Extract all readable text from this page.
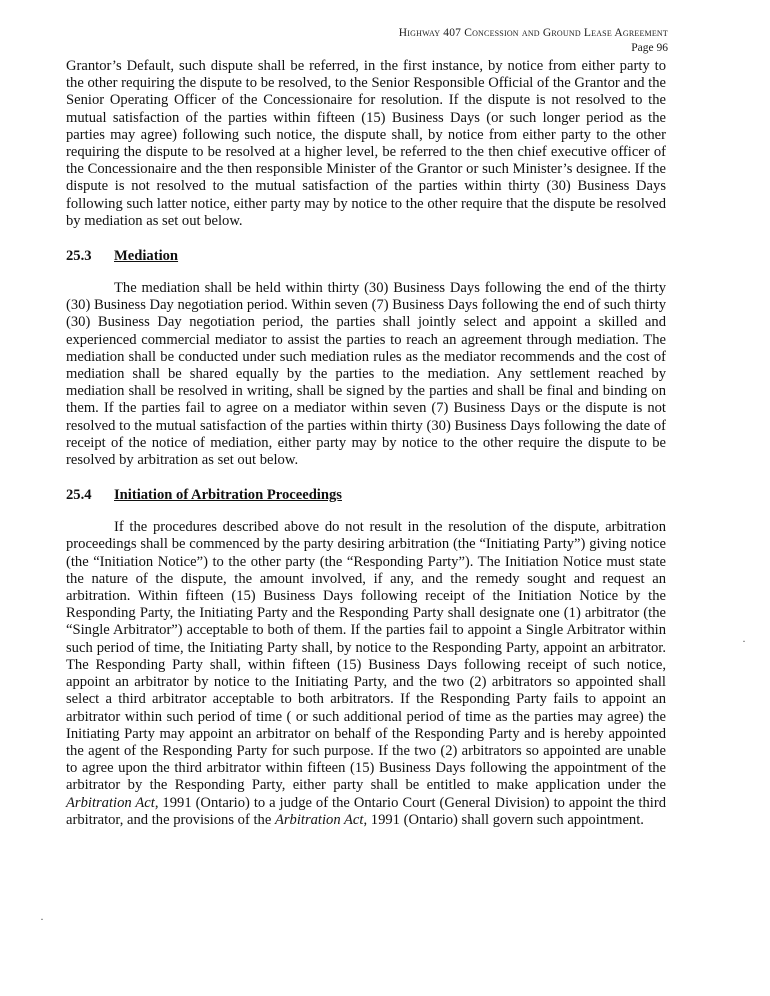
Highway 407 Concession and Ground Lease Agreement
Page 96

Grantor’s Default, such dispute shall be referred, in the first instance, by notice from either party to the other requiring the dispute to be resolved, to the Senior Responsible Official of the Grantor and the Senior Operating Officer of the Concessionaire for resolution. If the dispute is not resolved to the mutual satisfaction of the parties within fifteen (15) Business Days (or such longer period as the parties may agree) following such notice, the dispute shall, by notice from either party to the other requiring the dispute to be resolved at a higher level, be referred to the then chief executive officer of the Concessionaire and the then responsible Minister of the Grantor or such Minister’s designee. If the dispute is not resolved to the mutual satisfaction of the parties within thirty (30) Business Days following such latter notice, either party may by notice to the other require that the dispute be resolved by mediation as set out below.

25.3 Mediation

The mediation shall be held within thirty (30) Business Days following the end of the thirty (30) Business Day negotiation period. Within seven (7) Business Days following the end of such thirty (30) Business Day negotiation period, the parties shall jointly select and appoint a skilled and experienced commercial mediator to assist the parties to reach an agreement through mediation. The mediation shall be conducted under such mediation rules as the mediator recommends and the cost of mediation shall be shared equally by the parties to the mediation. Any settlement reached by mediation shall be resolved in writing, shall be signed by the parties and shall be final and binding on them. If the parties fail to agree on a mediator within seven (7) Business Days or the dispute is not resolved to the mutual satisfaction of the parties within thirty (30) Business Days following the date of receipt of the notice of mediation, either party may by notice to the other require the dispute to be resolved by arbitration as set out below.

25.4 Initiation of Arbitration Proceedings

If the procedures described above do not result in the resolution of the dispute, arbitration proceedings shall be commenced by the party desiring arbitration (the “Initiating Party”) giving notice (the “Initiation Notice”) to the other party (the “Responding Party”). The Initiation Notice must state the nature of the dispute, the amount involved, if any, and the remedy sought and request an arbitration. Within fifteen (15) Business Days following receipt of the Initiation Notice by the Responding Party, the Initiating Party and the Responding Party shall designate one (1) arbitrator (the “Single Arbitrator”) acceptable to both of them. If the parties fail to appoint a Single Arbitrator within such period of time, the Initiating Party shall, by notice to the Responding Party, appoint an arbitrator. The Responding Party shall, within fifteen (15) Business Days following receipt of such notice, appoint an arbitrator by notice to the Initiating Party, and the two (2) arbitrators so appointed shall select a third arbitrator acceptable to both arbitrators. If the Responding Party fails to appoint an arbitrator within such period of time ( or such additional period of time as the parties may agree) the Initiating Party may appoint an arbitrator on behalf of the Responding Party and is hereby appointed the agent of the Responding Party for such purpose. If the two (2) arbitrators so appointed are unable to agree upon the third arbitrator within fifteen (15) Business Days following the appointment of the arbitrator by the Responding Party, either party shall be entitled to make application under the Arbitration Act, 1991 (Ontario) to a judge of the Ontario Court (General Division) to appoint the third arbitrator, and the provisions of the Arbitration Act, 1991 (Ontario) shall govern such appointment.

·
·
